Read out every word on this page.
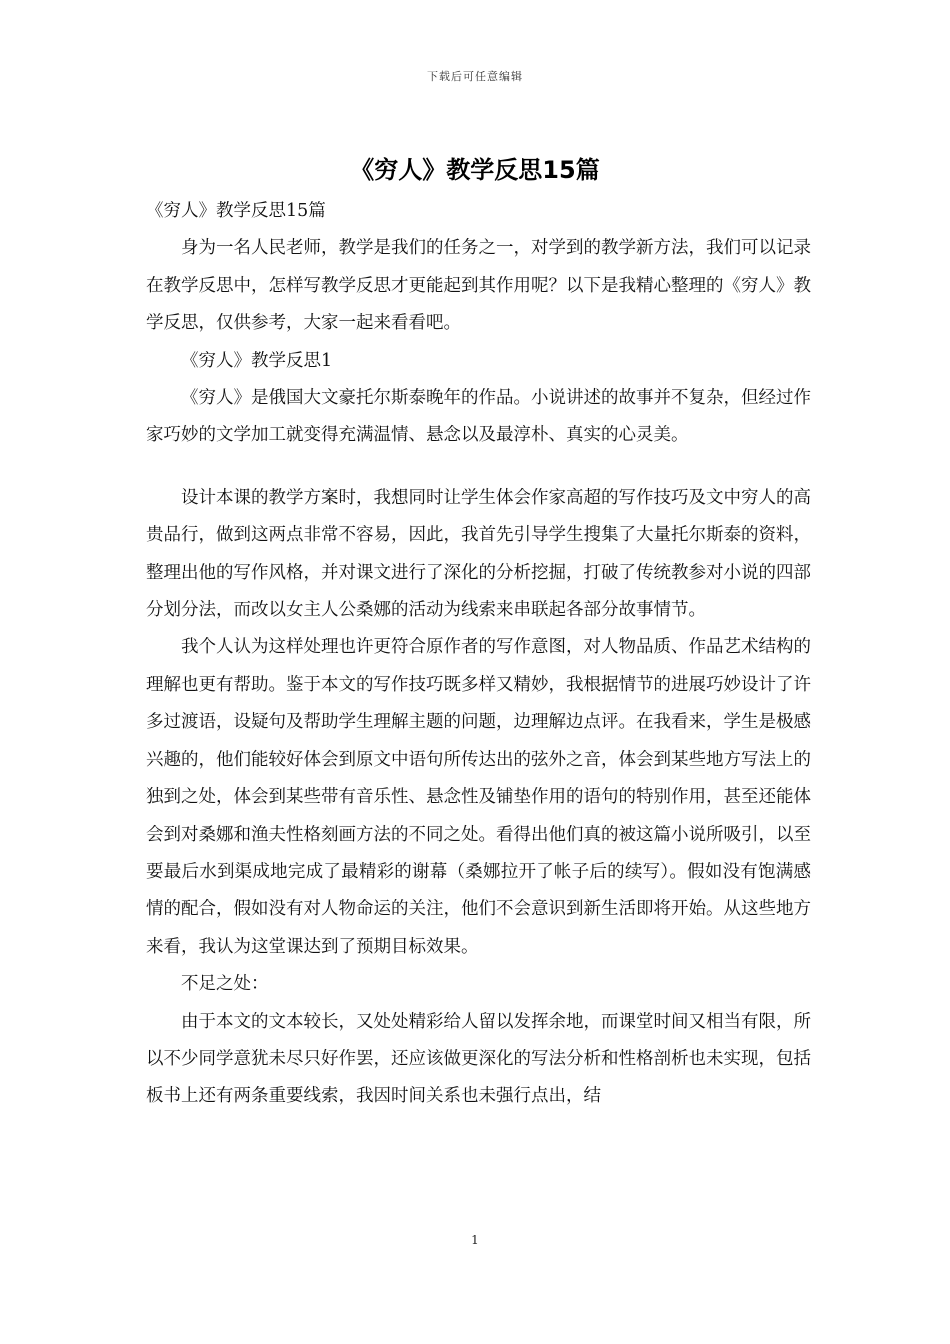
下载后可任意编辑
《穷人》教学反思15篇

《穷人》教学反思15篇

身为一名人民老师，教学是我们的任务之一，对学到的教学新方法，我们可以记录在教学反思中，怎样写教学反思才更能起到其作用呢？以下是我精心整理的《穷人》教学反思，仅供参考，大家一起来看看吧。

《穷人》教学反思1

《穷人》是俄国大文豪托尔斯泰晚年的作品。小说讲述的故事并不复杂，但经过作家巧妙的文学加工就变得充满温情、悬念以及最淳朴、真实的心灵美。

设计本课的教学方案时，我想同时让学生体会作家高超的写作技巧及文中穷人的高贵品行，做到这两点非常不容易，因此，我首先引导学生搜集了大量托尔斯泰的资料，整理出他的写作风格，并对课文进行了深化的分析挖掘，打破了传统教参对小说的四部分划分法，而改以女主人公桑娜的活动为线索来串联起各部分故事情节。

我个人认为这样处理也许更符合原作者的写作意图，对人物品质、作品艺术结构的理解也更有帮助。鉴于本文的写作技巧既多样又精妙，我根据情节的进展巧妙设计了许多过渡语，设疑句及帮助学生理解主题的问题，边理解边点评。在我看来，学生是极感兴趣的，他们能较好体会到原文中语句所传达出的弦外之音，体会到某些地方写法上的独到之处，体会到某些带有音乐性、悬念性及铺垫作用的语句的特别作用，甚至还能体会到对桑娜和渔夫性格刻画方法的不同之处。看得出他们真的被这篇小说所吸引，以至要最后水到渠成地完成了最精彩的谢幕（桑娜拉开了帐子后的续写）。假如没有饱满感情的配合，假如没有对人物命运的关注，他们不会意识到新生活即将开始。从这些地方来看，我认为这堂课达到了预期目标效果。

不足之处：

由于本文的文本较长，又处处精彩给人留以发挥余地，而课堂时间又相当有限，所以不少同学意犹未尽只好作罢，还应该做更深化的写法分析和性格剖析也未实现，包括板书上还有两条重要线索，我因时间关系也未强行点出，结

1
